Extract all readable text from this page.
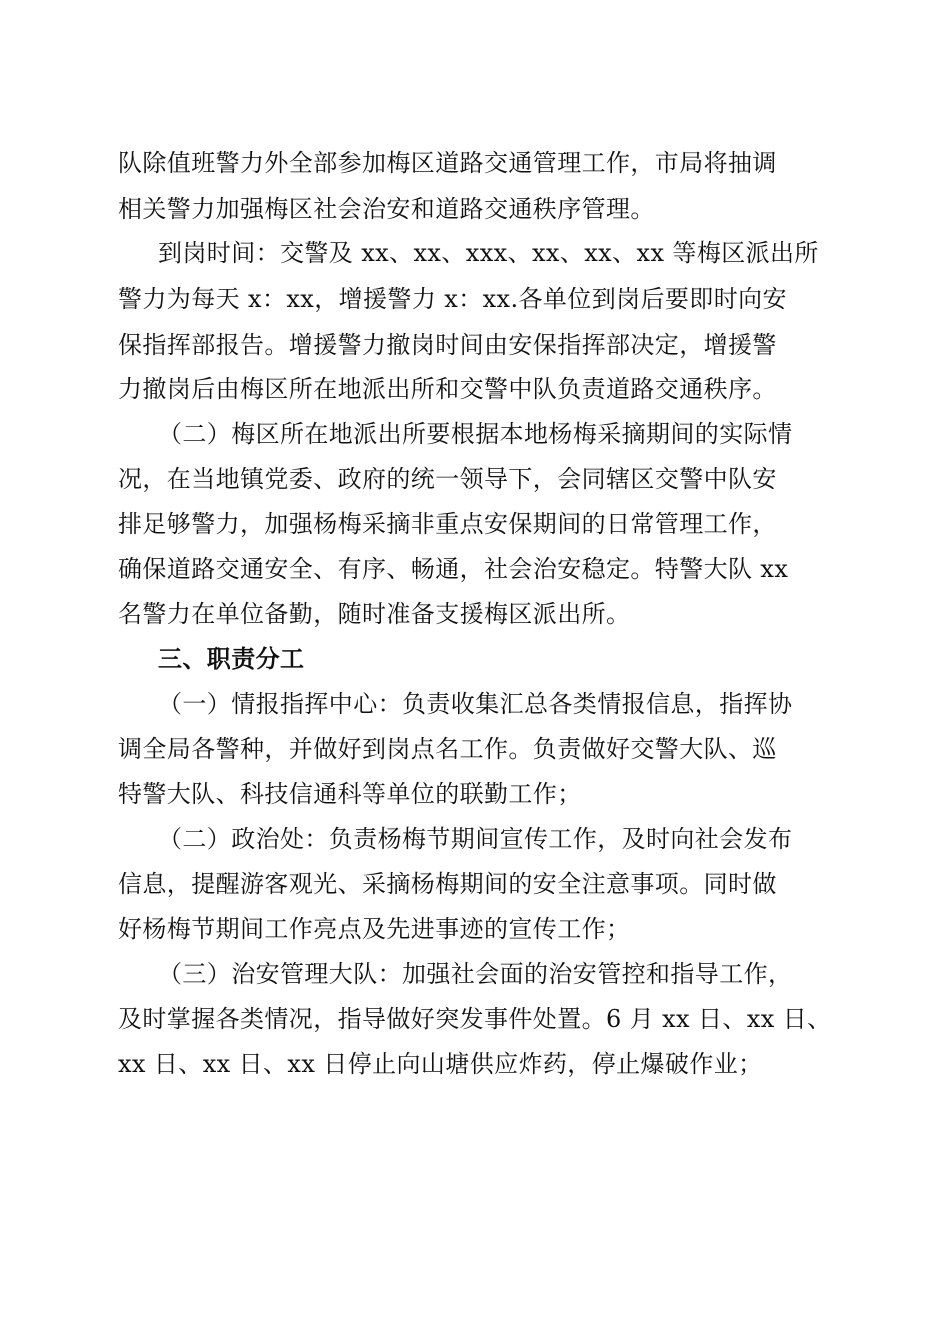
队除值班警力外全部参加梅区道路交通管理工作，市局将抽调
相关警力加强梅区社会治安和道路交通秩序管理。
到岗时间：交警及 xx、xx、xxx、xx、xx、xx 等梅区派出所
警力为每天 x：xx，增援警力 x：xx.各单位到岗后要即时向安
保指挥部报告。增援警力撤岗时间由安保指挥部决定，增援警
力撤岗后由梅区所在地派出所和交警中队负责道路交通秩序。
（二）梅区所在地派出所要根据本地杨梅采摘期间的实际情
况，在当地镇党委、政府的统一领导下，会同辖区交警中队安
排足够警力，加强杨梅采摘非重点安保期间的日常管理工作，
确保道路交通安全、有序、畅通，社会治安稳定。特警大队 xx
名警力在单位备勤，随时准备支援梅区派出所。
三、职责分工
（一）情报指挥中心：负责收集汇总各类情报信息，指挥协
调全局各警种，并做好到岗点名工作。负责做好交警大队、巡
特警大队、科技信通科等单位的联勤工作；
（二）政治处：负责杨梅节期间宣传工作，及时向社会发布
信息，提醒游客观光、采摘杨梅期间的安全注意事项。同时做
好杨梅节期间工作亮点及先进事迹的宣传工作；
（三）治安管理大队：加强社会面的治安管控和指导工作，
及时掌握各类情况，指导做好突发事件处置。6 月 xx 日、xx 日、
xx 日、xx 日、xx 日停止向山塘供应炸药，停止爆破作业；
